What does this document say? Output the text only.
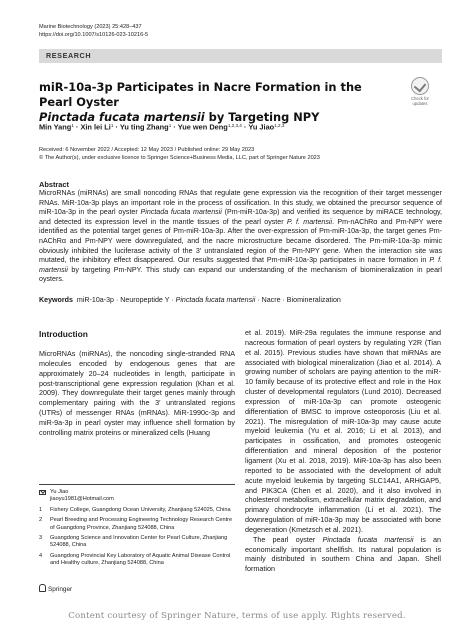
Marine Biotechnology (2023) 25:428–437
https://doi.org/10.1007/s10126-023-10216-5
RESEARCH
Check for
updates
miR-10a-3p Participates in Nacre Formation in the Pearl Oyster
Pinctada fucata martensii by Targeting NPY
Min Yang$^1$ · Xin lei $Li^1 \cdot Yu$ ting Zhang$^1$ · Yue wen Deng$^{1,2,3,4}$ · Yu Jiao$^{1,2,3}$
Received: 6 November 2022 / Accepted: 12 May 2023 / Published online: 29 May 2023
© The Author(s), under exclusive licence to Springer Science+Business Media, LLC, part of Springer Nature 2023
Abstract
MicroRNAs (miRNAs) are small noncoding RNAs that regulate gene expression via the recognition of their target messenger RNAs. MiR-10a-3p plays an important role in the process of ossification. In this study, we obtained the precursor sequence of miR-10a-3p in the pearl oyster Pinctada fucata martensii (Pm-miR-10a-3p) and verified its sequence by miRACE technology, and detected its expression level in the mantle tissues of the pearl oyster P. f. martensii. Pm-nAChRα and Pm-NPY were identified as the potential target genes of Pm-miR-10a-3p. After the over-expression of Pm-miR-10a-3p, the target genes Pm-nAChRα and Pm-NPY were downregulated, and the nacre microstructure became disordered. The Pm-miR-10a-3p mimic obviously inhibited the luciferase activity of the 3′ untranslated region of the Pm-NPY gene. When the interaction site was mutated, the inhibitory effect disappeared. Our results suggested that Pm-miR-10a-3p participates in nacre formation in P. f. martensii by targeting Pm-NPY. This study can expand our understanding of the mechanism of biomineralization in pearl oysters.
Keywords miR-10a-3p · Neuropeptide Y · Pinctada fucata martensii · Nacre · Biomineralization
Introduction

MicroRNAs (miRNAs), the noncoding single-stranded RNA molecules encoded by endogenous genes that are approximately 20–24 nucleotides in length, participate in post-transcriptional gene expression regulation (Khan et al. 2009). They downregulate their target genes mainly through complementary pairing with the 3′ untranslated regions (UTRs) of messenger RNAs (mRNAs). MiR-1990c-3p and miR-9a-3p in pearl oyster may influence shell formation by controlling matrix proteins or mineralized cells (Huang

et al. 2019). MiR-29a regulates the immune response and nacreous formation of pearl oysters by regulating Y2R (Tian et al. 2015). Previous studies have shown that miRNAs are associated with biological mineralization (Jiao et al. 2014). A growing number of scholars are paying attention to the miR-10 family because of its protective effect and role in the Hox cluster of developmental regulators (Lund 2010). Decreased expression of miR-10a-3p can promote osteogenic differentiation of BMSC to improve osteoporosis (Liu et al. 2021). The misregulation of miR-10a-3p may cause acute myeloid leukemia (Yu et al. 2016; Li et al. 2013), and participates in ossification, and promotes osteogenic differentiation and mineral deposition of the posterior ligament (Xu et al. 2018, 2019). MiR-10a-3p has also been reported to be associated with the development of adult acute myeloid leukemia by targeting SLC14A1, ARHGAP5, and PIK3CA (Chen et al. 2020), and it also involved in cholesterol metabolism, extracellular matrix degradation, and primary chondrocyte inflammation (Li et al. 2021). The downregulation of miR-10a-3p may be associated with bone degeneration (Kmetzsch et al. 2021).

The pearl oyster Pinctada fucata martensii is an economically important shellfish. Its natural population is mainly distributed in southern China and Japan. Shell formation

Yu Jiao
jiaoyu1981@Hotmail.com
1 Fishery College, Guangdong Ocean University, Zhanjiang 524025, China
2 Pearl Breeding and Processing Engineering Technology Research Centre of Guangdong Province, Zhanjiang 524088, China
3 Guangdong Science and Innovation Center for Pearl Culture, Zhanjiang 524088, China
4 Guangdong Provincial Key Laboratory of Aquatic Animal Disease Control and Healthy culture, Zhanjiang 524088, China
Springer
Content courtesy of Springer Nature, terms of use apply. Rights reserved.
